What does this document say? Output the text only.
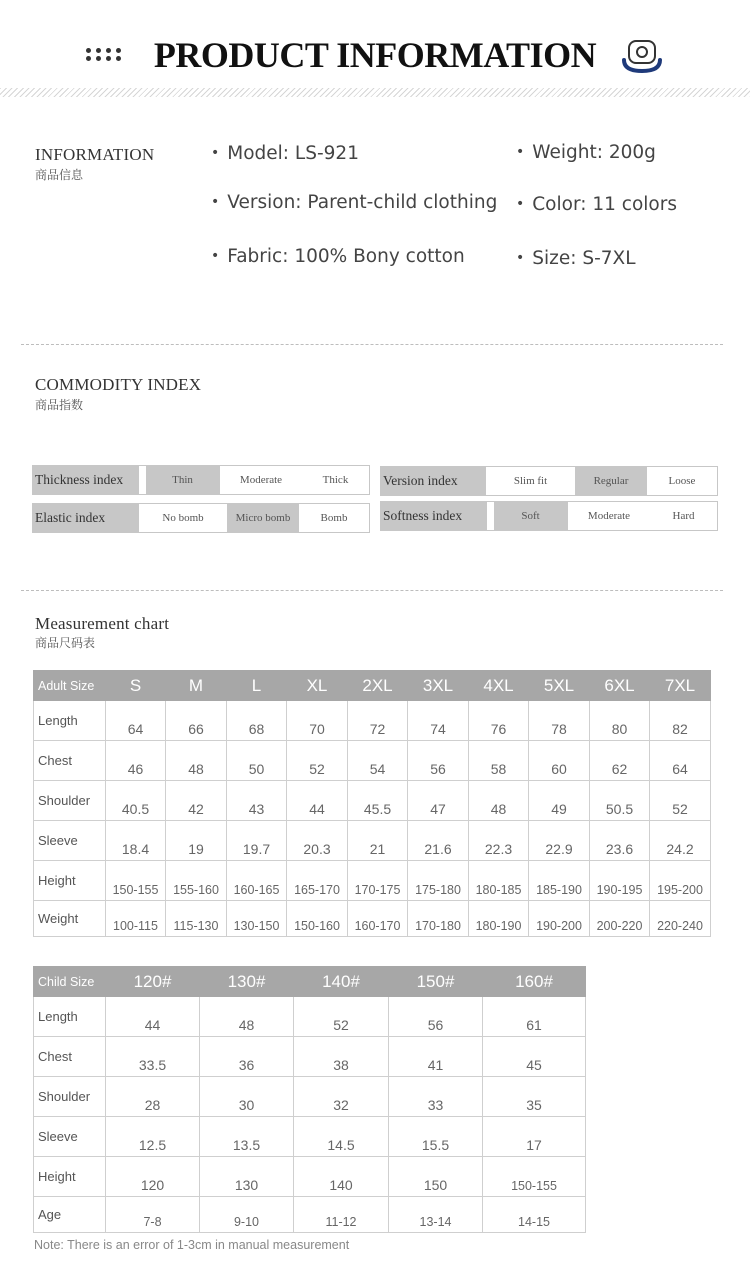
PRODUCT INFORMATION
INFORMATION
商品信息
• Model: LS-921
• Version: Parent-child clothing
• Fabric: 100% Bony cotton
• Weight: 200g
• Color: 11 colors
• Size: S-7XL
COMMODITY INDEX
商品指数
Thickness index	Thin	Moderate	Thick	Version index	Slim fit	Regular	Loose
Elastic index	No bomb	Micro bomb	Bomb	Softness index	Soft	Moderate	Hard
Measurement chart
商品尺码表
Adult Size	S	M	L	XL	2XL	3XL	4XL	5XL	6XL	7XL
Length	64	66	68	70	72	74	76	78	80	82
Chest	46	48	50	52	54	56	58	60	62	64
Shoulder	40.5	42	43	44	45.5	47	48	49	50.5	52
Sleeve	18.4	19	19.7	20.3	21	21.6	22.3	22.9	23.6	24.2
Height	150-155	155-160	160-165	165-170	170-175	175-180	180-185	185-190	190-195	195-200
Weight	100-115	115-130	130-150	150-160	160-170	170-180	180-190	190-200	200-220	220-240
Child Size	120#	130#	140#	150#	160#
Length	44	48	52	56	61
Chest	33.5	36	38	41	45
Shoulder	28	30	32	33	35
Sleeve	12.5	13.5	14.5	15.5	17
Height	120	130	140	150	150-155
Age	7-8	9-10	11-12	13-14	14-15
Note: There is an error of 1-3cm in manual measurement
